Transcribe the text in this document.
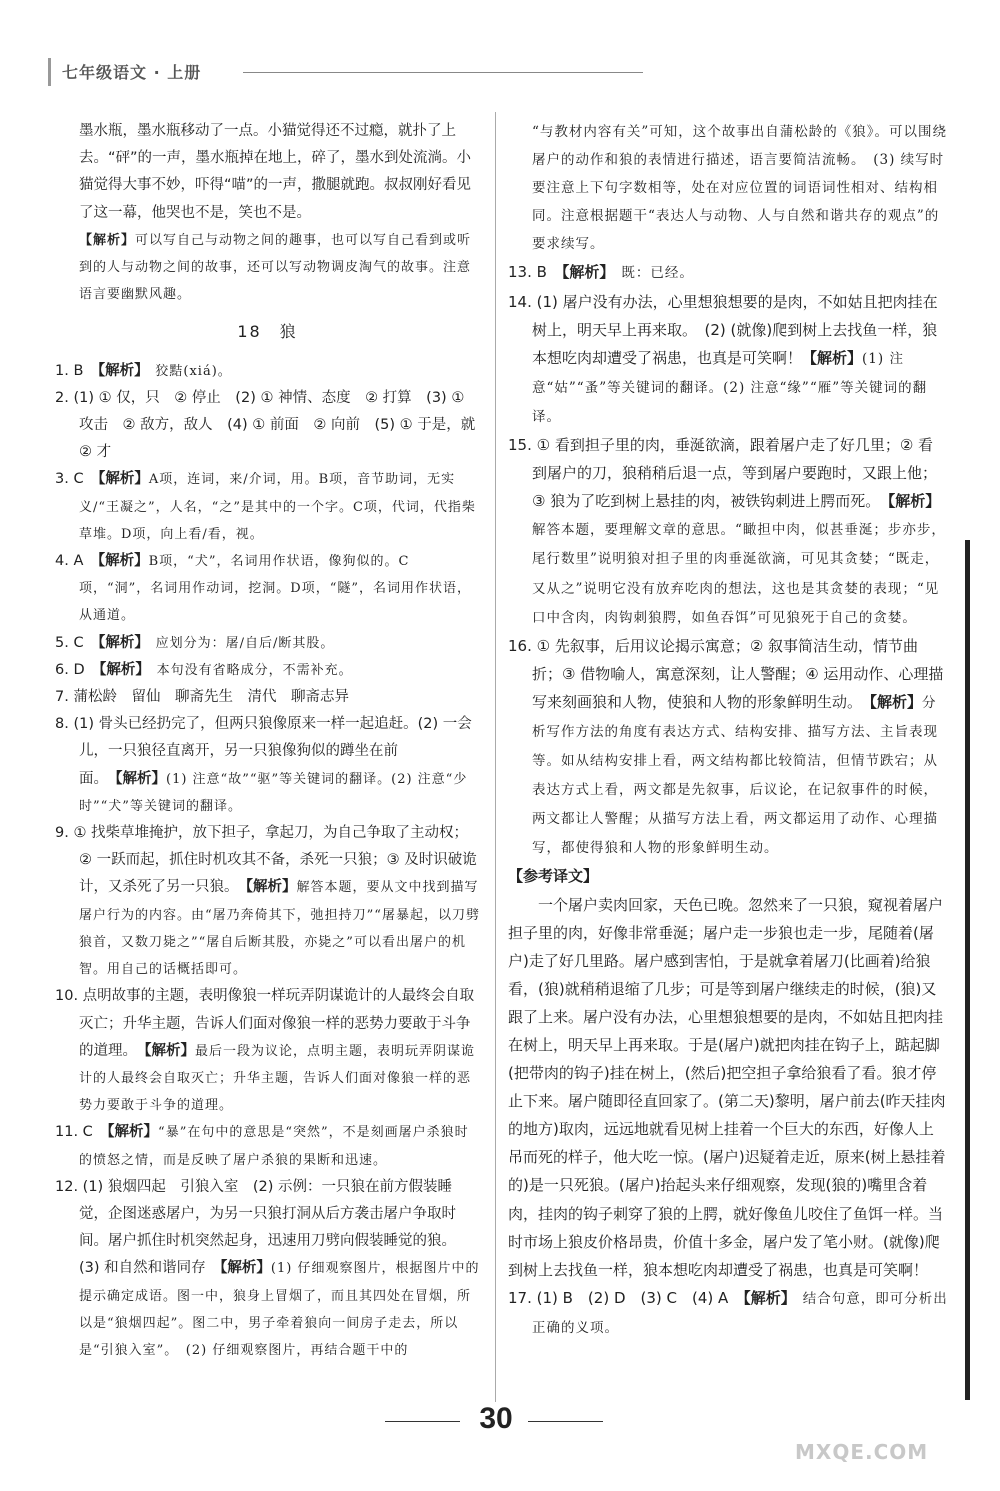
七年级语文 · 上册

墨水瓶，墨水瓶移动了一点。小猫觉得还不过瘾，就扑了上去。“砰”的一声，墨水瓶掉在地上，碎了，墨水到处流淌。小猫觉得大事不妙，吓得“喵”的一声，撒腿就跑。叔叔刚好看见了这一幕，他哭也不是，笑也不是。

【解析】可以写自己与动物之间的趣事，也可以写自己看到或听到的人与动物之间的故事，还可以写动物调皮淘气的故事。注意语言要幽默风趣。

18　狼

1. B　【解析】　狡黠(xiá)。

2. (1) ① 仅，只　② 停止　(2) ① 神情、态度　② 打算　(3) ① 攻击　② 敌方，敌人　(4) ① 前面　② 向前　(5) ① 于是，就　② 才

3. C　【解析】A项，连词，来/介词，用。B项，音节助词，无实义/“王凝之”，人名，“之”是其中的一个字。C项，代词，代指柴草堆。D项，向上看/看，视。

4. A　【解析】B项，“犬”，名词用作状语，像狗似的。C项，“洞”，名词用作动词，挖洞。D项，“隧”，名词用作状语，从通道。

5. C　【解析】　应划分为：屠/自后/断其股。

6. D　【解析】　本句没有省略成分，不需补充。

7. 蒲松龄　留仙　聊斋先生　清代　聊斋志异

8. (1) 骨头已经扔完了，但两只狼像原来一样一起追赶。(2) 一会儿，一只狼径直离开，另一只狼像狗似的蹲坐在前面。　【解析】(1) 注意“故”“驱”等关键词的翻译。(2) 注意“少时”“犬”等关键词的翻译。

9. ① 找柴草堆掩护，放下担子，拿起刀，为自己争取了主动权；② 一跃而起，抓住时机攻其不备，杀死一只狼；③ 及时识破诡计，又杀死了另一只狼。　【解析】解答本题，要从文中找到描写屠户行为的内容。由“屠乃奔倚其下，弛担持刀”“屠暴起，以刀劈狼首，又数刀毙之”“屠自后断其股，亦毙之”可以看出屠户的机智。用自己的话概括即可。

10. 点明故事的主题，表明像狼一样玩弄阴谋诡计的人最终会自取灭亡；升华主题，告诉人们面对像狼一样的恶势力要敢于斗争的道理。　【解析】最后一段为议论，点明主题，表明玩弄阴谋诡计的人最终会自取灭亡；升华主题，告诉人们面对像狼一样的恶势力要敢于斗争的道理。

11. C　【解析】“暴”在句中的意思是“突然”，不是刻画屠户杀狼时的愤怒之情，而是反映了屠户杀狼的果断和迅速。

12. (1) 狼烟四起　引狼入室　(2) 示例：一只狼在前方假装睡觉，企图迷惑屠户，为另一只狼打洞从后方袭击屠户争取时间。屠户抓住时机突然起身，迅速用刀劈向假装睡觉的狼。　(3) 和自然和谐同存　【解析】(1) 仔细观察图片，根据图片中的提示确定成语。图一中，狼身上冒烟了，而且其四处在冒烟，所以是“狼烟四起”。图二中，男子牵着狼向一间房子走去，所以是“引狼入室”。　(2) 仔细观察图片，再结合题干中的

“与教材内容有关”可知，这个故事出自蒲松龄的《狼》。可以围绕屠户的动作和狼的表情进行描述，语言要简洁流畅。　(3) 续写时要注意上下句字数相等，处在对应位置的词语词性相对、结构相同。注意根据题干“表达人与动物、人与自然和谐共存的观点”的要求续写。

13. B　【解析】　既：已经。

14. (1) 屠户没有办法，心里想狼想要的是肉，不如姑且把肉挂在树上，明天早上再来取。　(2) (就像)爬到树上去找鱼一样，狼本想吃肉却遭受了祸患，也真是可笑啊！【解析】(1) 注意“姑”“蚤”等关键词的翻译。(2) 注意“缘”“雁”等关键词的翻译。

15. ① 看到担子里的肉，垂涎欲滴，跟着屠户走了好几里；② 看到屠户的刀，狼稍稍后退一点，等到屠户要跑时，又跟上他；③ 狼为了吃到树上悬挂的肉，被铁钩刺进上腭而死。　【解析】解答本题，要理解文章的意思。“瞰担中肉，似甚垂涎；步亦步，尾行数里”说明狼对担子里的肉垂涎欲滴，可见其贪婪；“既走，又从之”说明它没有放弃吃肉的想法，这也是其贪婪的表现；“见口中含肉，肉钩刺狼腭，如鱼吞饵”可见狼死于自己的贪婪。

16. ① 先叙事，后用议论揭示寓意；② 叙事简洁生动，情节曲折；③ 借物喻人，寓意深刻，让人警醒；④ 运用动作、心理描写来刻画狼和人物，使狼和人物的形象鲜明生动。　【解析】分析写作方法的角度有表达方式、结构安排、描写方法、主旨表现等。如从结构安排上看，两文结构都比较简洁，但情节跌宕；从表达方式上看，两文都是先叙事，后议论，在记叙事件的时候，两文都让人警醒；从描写方法上看，两文都运用了动作、心理描写，都使得狼和人物的形象鲜明生动。

【参考译文】

一个屠户卖肉回家，天色已晚。忽然来了一只狼，窥视着屠户担子里的肉，好像非常垂涎；屠户走一步狼也走一步，尾随着(屠户)走了好几里路。屠户感到害怕，于是就拿着屠刀(比画着)给狼看，(狼)就稍稍退缩了几步；可是等到屠户继续走的时候，(狼)又跟了上来。屠户没有办法，心里想狼想要的是肉，不如姑且把肉挂在树上，明天早上再来取。于是(屠户)就把肉挂在钩子上，踮起脚(把带肉的钩子)挂在树上，(然后)把空担子拿给狼看了看。狼才停止下来。屠户随即径直回家了。(第二天)黎明，屠户前去(昨天挂肉的地方)取肉，远远地就看见树上挂着一个巨大的东西，好像人上吊而死的样子，他大吃一惊。(屠户)迟疑着走近，原来(树上悬挂着的)是一只死狼。(屠户)抬起头来仔细观察，发现(狼的)嘴里含着肉，挂肉的钩子刺穿了狼的上腭，就好像鱼儿咬住了鱼饵一样。当时市场上狼皮价格昂贵，价值十多金，屠户发了笔小财。(就像)爬到树上去找鱼一样，狼本想吃肉却遭受了祸患，也真是可笑啊！

17. (1) B　(2) D　(3) C　(4) A　【解析】　结合句意，即可分析出正确的义项。

30
MXQE.COM
